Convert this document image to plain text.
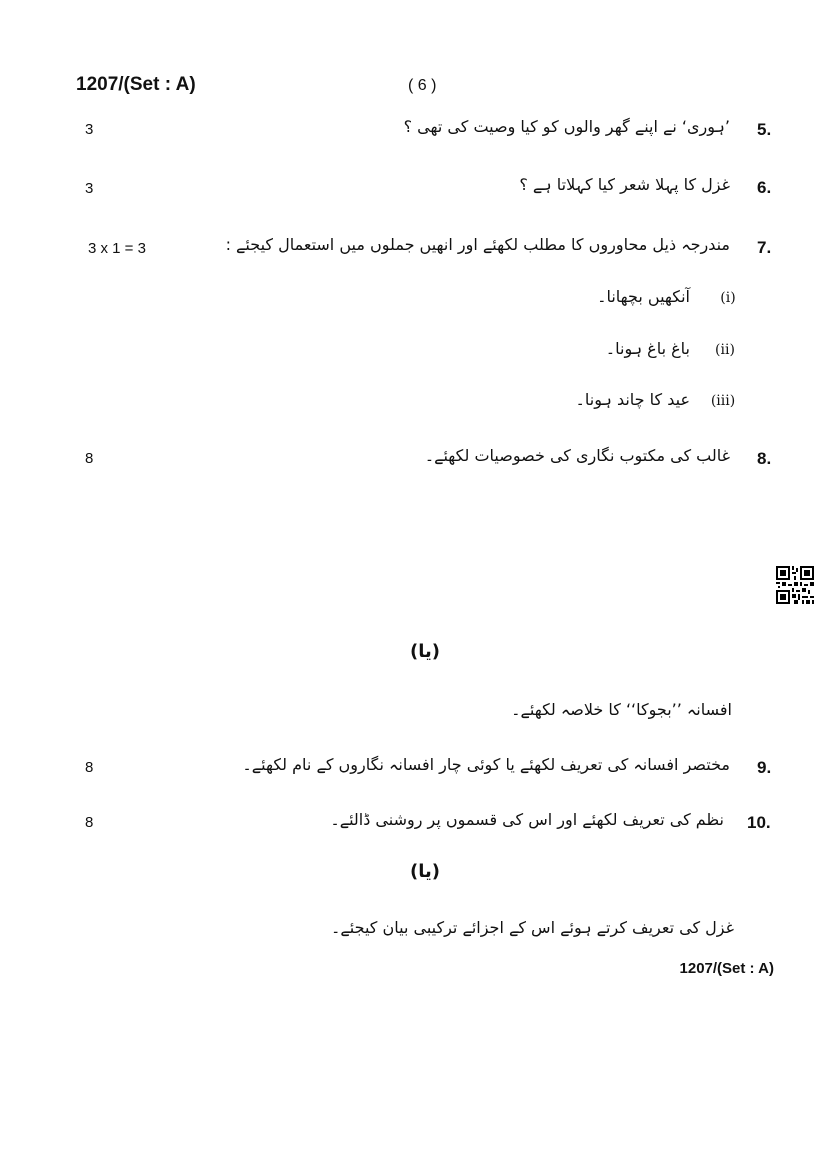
1207/(Set : A)	( 6 )
3	’ہوری‘ نے اپنے گھر والوں کو کیا وصیت کی تھی ؟ 5.
3	غزل کا پہلا شعر کیا کہلاتا ہے ؟ 6.
3 x 1 = 3	مندرجہ ذیل محاوروں کا مطلب لکھئے اور انھیں جملوں میں استعمال کیجئے : 7.
(i)
آنکھیں بچھانا۔
(ii)
باغ باغ ہونا۔
(iii)
عید کا چاند ہونا۔
8	غالب کی مکتوب نگاری کی خصوصیات لکھئے۔ 8.
(یا)
افسانہ ’’بجوکا‘‘ کا خلاصہ لکھئے۔
8	مختصر افسانہ کی تعریف لکھئے یا کوئی چار افسانہ نگاروں کے نام لکھئے۔ 9.
8	نظم کی تعریف لکھئے اور اس کی قسموں پر روشنی ڈالئے۔ 10.
(یا)
غزل کی تعریف کرتے ہوئے اس کے اجزائے ترکیبی بیان کیجئے۔
1207/(Set : A)
